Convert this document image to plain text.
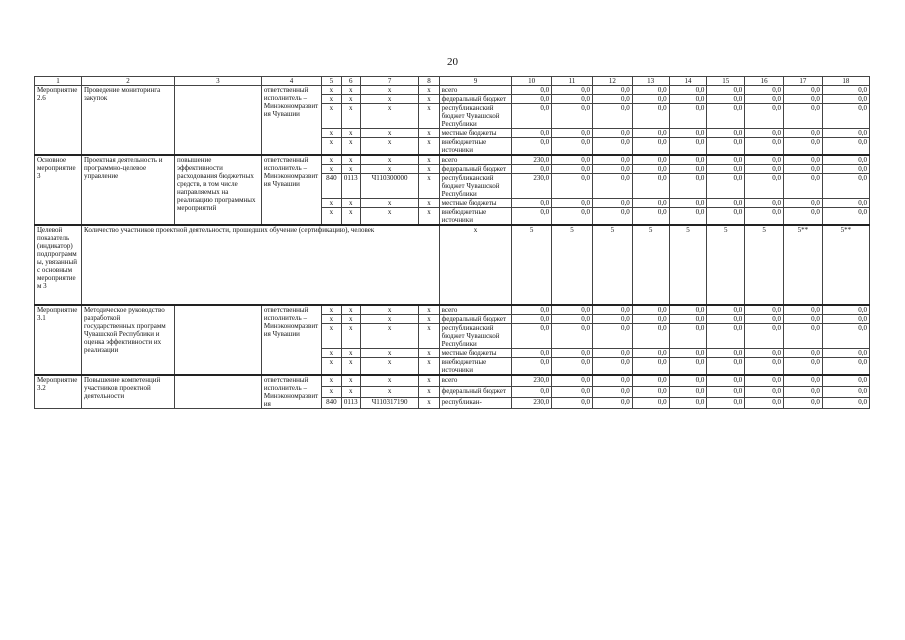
20
1	2	3	4	5	6	7	8	9	10	11	12	13	14	15	16	17	18
Мероприятие 2.6	Проведение мониторинга закупок		ответственный исполнитель – Минэкономразвития Чувашии	x	x	x	x	всего	0,0	0,0	0,0	0,0	0,0	0,0	0,0	0,0	0,0
				x	x	x	x	федеральный бюджет	0,0	0,0	0,0	0,0	0,0	0,0	0,0	0,0	0,0
				x	x	x	x	республиканский бюджет Чувашской Республики	0,0	0,0	0,0	0,0	0,0	0,0	0,0	0,0	0,0
				x	x	x	x	местные бюджеты	0,0	0,0	0,0	0,0	0,0	0,0	0,0	0,0	0,0
				x	x	x	x	внебюджетные источники	0,0	0,0	0,0	0,0	0,0	0,0	0,0	0,0	0,0
Основное мероприятие 3	Проектная деятельность и программно-целевое управление	повышение эффективности расходования бюджетных средств, в том числе направляемых на реализацию программных мероприятий	ответственный исполнитель – Минэкономразвития Чувашии	x	x	x	x	всего	230,0	0,0	0,0	0,0	0,0	0,0	0,0	0,0	0,0
				x	x	x	x	федеральный бюджет	0,0	0,0	0,0	0,0	0,0	0,0	0,0	0,0	0,0
				840	0113	Ч110300000	x	республиканский бюджет Чувашской Республики	230,0	0,0	0,0	0,0	0,0	0,0	0,0	0,0	0,0
				x	x	x	x	местные бюджеты	0,0	0,0	0,0	0,0	0,0	0,0	0,0	0,0	0,0
				x	x	x	x	внебюджетные источники	0,0	0,0	0,0	0,0	0,0	0,0	0,0	0,0	0,0
Целевой показатель (индикатор) подпрограммы, увязанный с основным мероприятием 3	Количество участников проектной деятельности, прошедших обучение (сертификацию), человек							x	5	5	5	5	5	5	5	5**	5**
Мероприятие 3.1	Методическое руководство разработкой государственных программ Чувашской Республики и оценка эффективности их реализации		ответственный исполнитель – Минэкономразвития Чувашии	x	x	x	x	всего	0,0	0,0	0,0	0,0	0,0	0,0	0,0	0,0	0,0
				x	x	x	x	федеральный бюджет	0,0	0,0	0,0	0,0	0,0	0,0	0,0	0,0	0,0
				x	x	x	x	республиканский бюджет Чувашской Республики	0,0	0,0	0,0	0,0	0,0	0,0	0,0	0,0	0,0
				x	x	x	x	местные бюджеты	0,0	0,0	0,0	0,0	0,0	0,0	0,0	0,0	0,0
				x	x	x	x	внебюджетные источники	0,0	0,0	0,0	0,0	0,0	0,0	0,0	0,0	0,0
Мероприятие 3.2	Повышение компетенций участников проектной деятельности		ответственный исполнитель – Минэкономразвития	x	x	x	x	всего	230,0	0,0	0,0	0,0	0,0	0,0	0,0	0,0	0,0
				x	x	x	x	федеральный бюджет	0,0	0,0	0,0	0,0	0,0	0,0	0,0	0,0	0,0
				840	0113	Ч110317190	x	республикан-	230,0	0,0	0,0	0,0	0,0	0,0	0,0	0,0	0,0
